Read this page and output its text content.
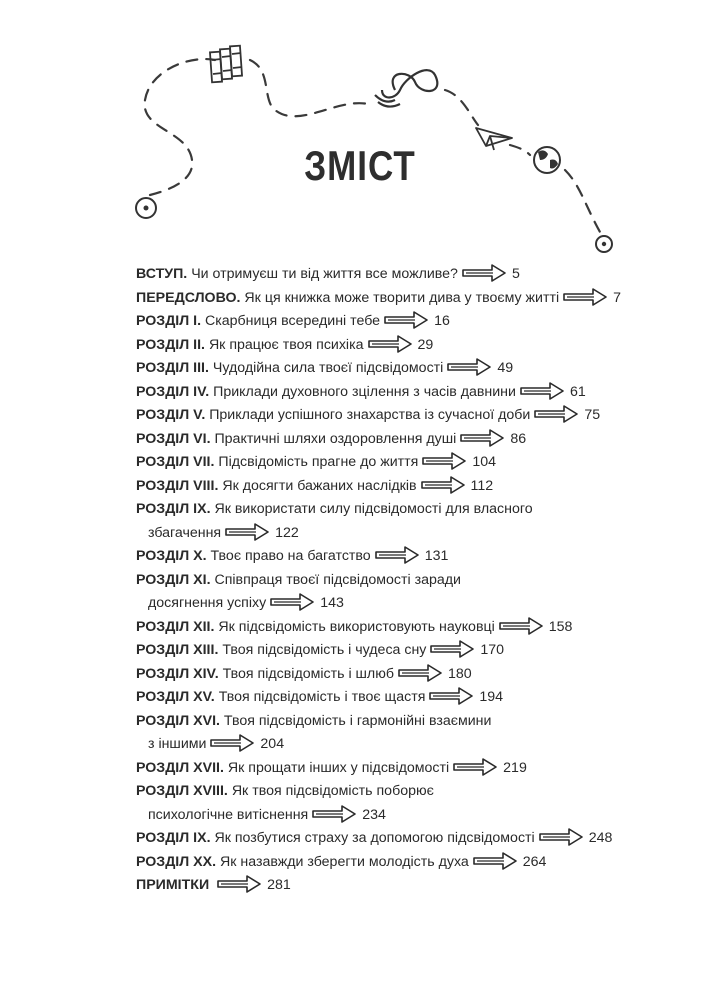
ЗМІСТ
ВСТУП. Чи отримуєш ти від життя все можливе?	5
ПЕРЕДСЛОВО. Як ця книжка може творити дива у твоєму житті	7
РОЗДІЛ I. Скарбниця всередині тебе	16
РОЗДІЛ II. Як працює твоя психіка	29
РОЗДІЛ III. Чудодійна сила твоєї підсвідомості	49
РОЗДІЛ IV. Приклади духовного зцілення з часів давнини	61
РОЗДІЛ V. Приклади успішного знахарства із сучасної доби	75
РОЗДІЛ VI. Практичні шляхи оздоровлення душі	86
РОЗДІЛ VII. Підсвідомість прагне до життя	104
РОЗДІЛ VIII. Як досягти бажаних наслідків	112
РОЗДІЛ IX. Як використати силу підсвідомості для власного
збагачення	122
РОЗДІЛ X. Твоє право на багатство	131
РОЗДІЛ XI. Співпраця твоєї підсвідомості заради
досягнення успіху	143
РОЗДІЛ XII. Як підсвідомість використовують науковці	158
РОЗДІЛ XIII. Твоя підсвідомість і чудеса сну	170
РОЗДІЛ XIV. Твоя підсвідомість і шлюб	180
РОЗДІЛ XV. Твоя підсвідомість і твоє щастя	194
РОЗДІЛ XVI. Твоя підсвідомість і гармонійні взаємини
з іншими	204
РОЗДІЛ XVII. Як прощати інших у підсвідомості	219
РОЗДІЛ XVIII. Як твоя підсвідомість поборює
психологічне витіснення	234
РОЗДІЛ IX. Як позбутися страху за допомогою підсвідомості	248
РОЗДІЛ XX. Як назавжди зберегти молодість духа	264
ПРИМІТКИ	281
